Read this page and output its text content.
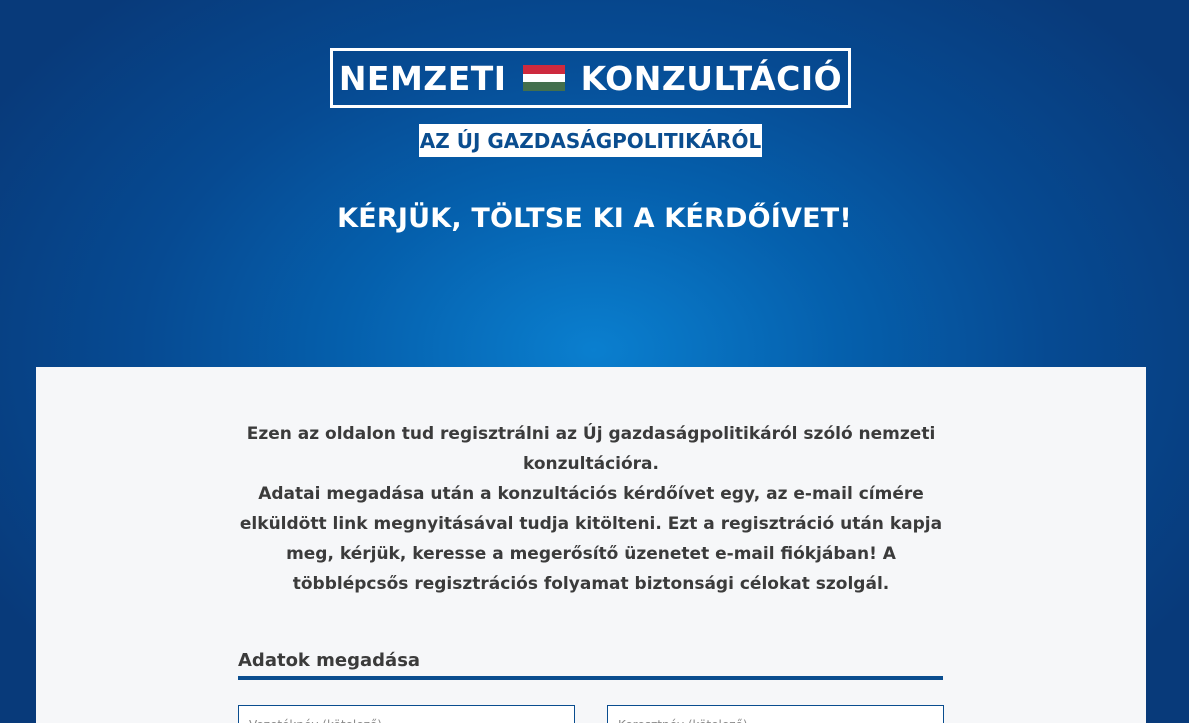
NEMZETI KONZULTÁCIÓ
AZ ÚJ GAZDASÁGPOLITIKÁRÓL
KÉRJÜK, TÖLTSE KI A KÉRDŐÍVET!

Ezen az oldalon tud regisztrálni az Új gazdaságpolitikáról szóló nemzeti konzultációra.

Adatai megadása után a konzultációs kérdőívet egy, az e-mail címére elküldött link megnyitásával tudja kitölteni. Ezt a regisztráció után kapja meg, kérjük, keresse a megerősítő üzenetet e-mail fiókjában! A többlépcsős regisztrációs folyamat biztonsági célokat szolgál.

Adatok megadása
Vezetéknév (kötelező)
Keresztnév (kötelező)
